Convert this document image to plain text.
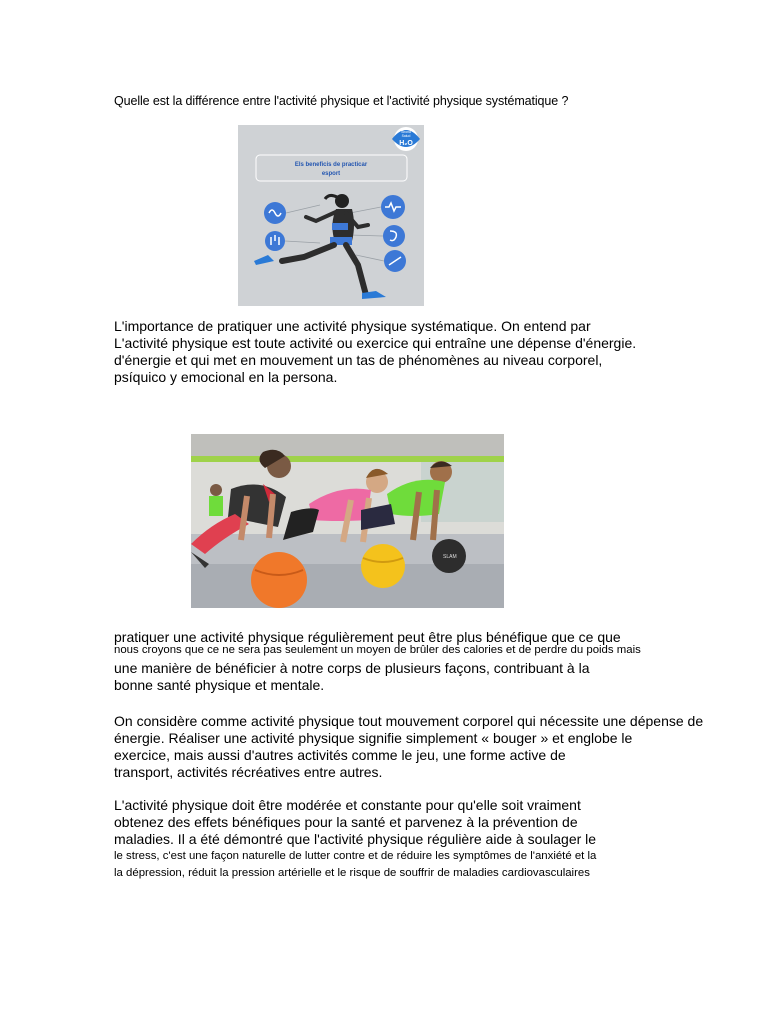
Quelle est la différence entre l'activité physique et l'activité physique systématique ?
Sirona
Salud
H₂O
Els beneficis de practicar
esport
L'importance de pratiquer une activité physique systématique. On entend par
L'activité physique est toute activité ou exercice qui entraîne une dépense d'énergie.
d'énergie et qui met en mouvement un tas de phénomènes au niveau corporel,
psíquico y emocional en la persona.
SLAM
pratiquer une activité physique régulièrement peut être plus bénéfique que ce que
nous croyons que ce ne sera pas seulement un moyen de brûler des calories et de perdre du poids mais
une manière de bénéficier à notre corps de plusieurs façons, contribuant à la
bonne santé physique et mentale.
On considère comme activité physique tout mouvement corporel qui nécessite une dépense de
énergie. Réaliser une activité physique signifie simplement « bouger » et englobe le
exercice, mais aussi d'autres activités comme le jeu, une forme active de
transport, activités récréatives entre autres.
L'activité physique doit être modérée et constante pour qu'elle soit vraiment
obtenez des effets bénéfiques pour la santé et parvenez à la prévention de
maladies. Il a été démontré que l'activité physique régulière aide à soulager le
le stress, c'est une façon naturelle de lutter contre et de réduire les symptômes de l'anxiété et la
la dépression, réduit la pression artérielle et le risque de souffrir de maladies cardiovasculaires
